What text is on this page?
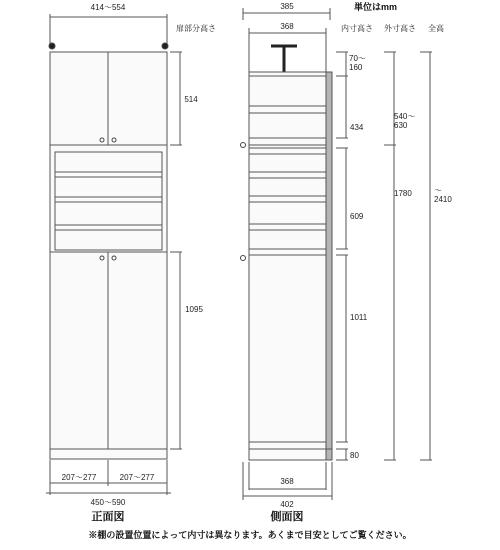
414～554
扉部分高さ
514
1095
207～277	207～277
450～590
正面図
385	単位はmm
368	内寸高さ 外寸高さ 全高
434
609
1011
80
1780
368
402
側面図
※棚の設置位置によって内寸は異なります。あくまで目安としてご覧ください。
70～
160
540～
630
～
2410
